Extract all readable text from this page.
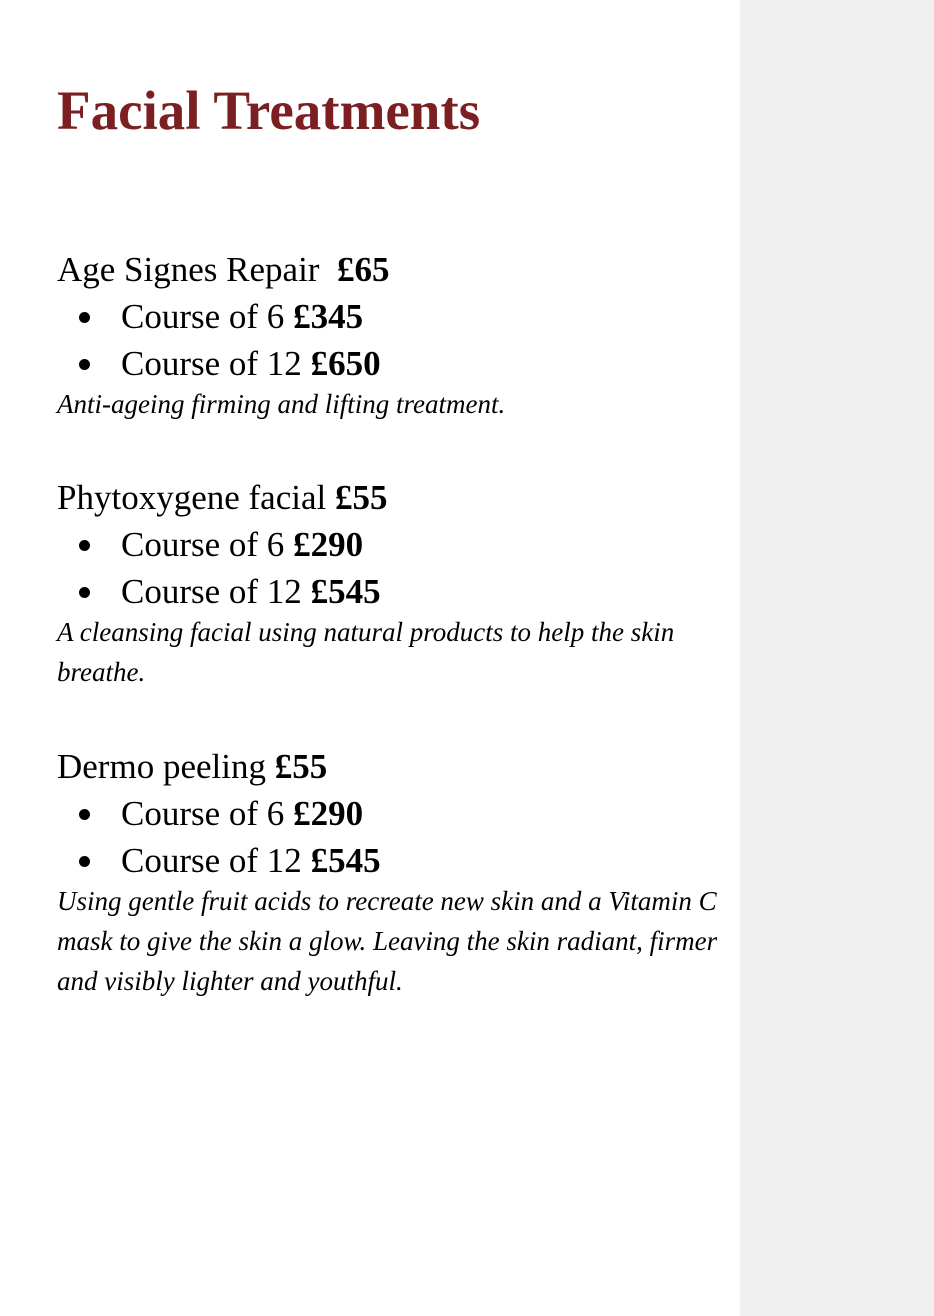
Facial Treatments
Age Signes Repair £65
Course of 6 £345
Course of 12 £650

Anti-ageing firming and lifting treatment.

Phytoxygene facial £55
Course of 6 £290
Course of 12 £545

A cleansing facial using natural products to help the skin breathe.

Dermo peeling £55
Course of 6 £290
Course of 12 £545

Using gentle fruit acids to recreate new skin and a Vitamin C mask to give the skin a glow. Leaving the skin radiant, firmer and visibly lighter and youthful.
